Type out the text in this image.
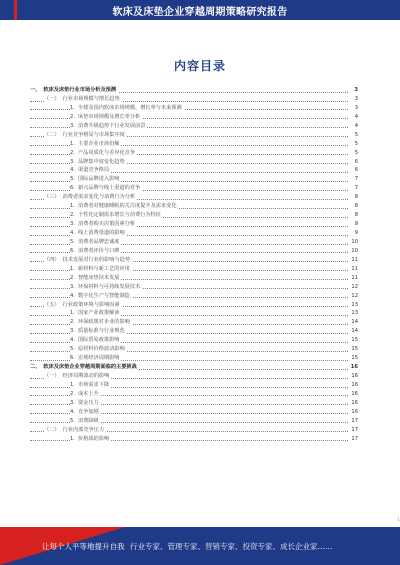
软床及床垫企业穿越周期策略研究报告
内容目录
一、 软床及床垫行业市场分析及预测	3
（一） 行业市场规模与增长趋势	3
1. 全球及国内软床市场规模、增长率与未来预测	3
2. 床垫市场规模及增长率分析	4
3. 消费升级趋势下行业发展前景	4
（二） 行业竞争格局与市场集中度	5
1. 主要企业市场份额	5
2. 产品同质化与差异化竞争	5
3. 品牌集中度变化趋势	6
4. 渠道竞争格局	6
5. 国际品牌进入影响	7
6. 新兴品牌与线上渠道的竞争	7
（三） 消费者需求变化与消费行为分析	8
1. 消费者对健康睡眠的关注度提升及需求变化	8
2. 个性化定制需求增长与消费行为特征	8
3. 消费者购买决策因素分析	9
4. 线上消费渠道的影响	9
5. 消费者品牌忠诚度	10
6. 消费者评价与口碑	10
（四） 技术发展对行业的影响与趋势	11
1. 新材料与新工艺的应用	11
2. 智能床垫技术发展	11
3. 环保材料与可持续发展技术	12
4. 数字化生产与智能制造	12
（五） 行业政策环境与影响因素	13
1. 国家产业政策解读	13
2. 环保政策对企业的影响	14
3. 质量标准与行业规范	14
4. 国际贸易政策影响	15
5. 原材料价格波动影响	15
6. 宏观经济周期影响	15
二、 软床及床垫企业穿越周期面临的主要挑战	16
（一） 经济周期波动的影响	16
1. 市场需求下降	16
2. 成本上升	16
3. 资金压力	16
4. 竞争加剧	16
5. 消费降级	17
（二） 行业内部竞争压力	17
1. 价格战的影响	17
1
让每个人平等地提升自我 行业专家、管理专家、营销专家、投资专家、成长企业家……
